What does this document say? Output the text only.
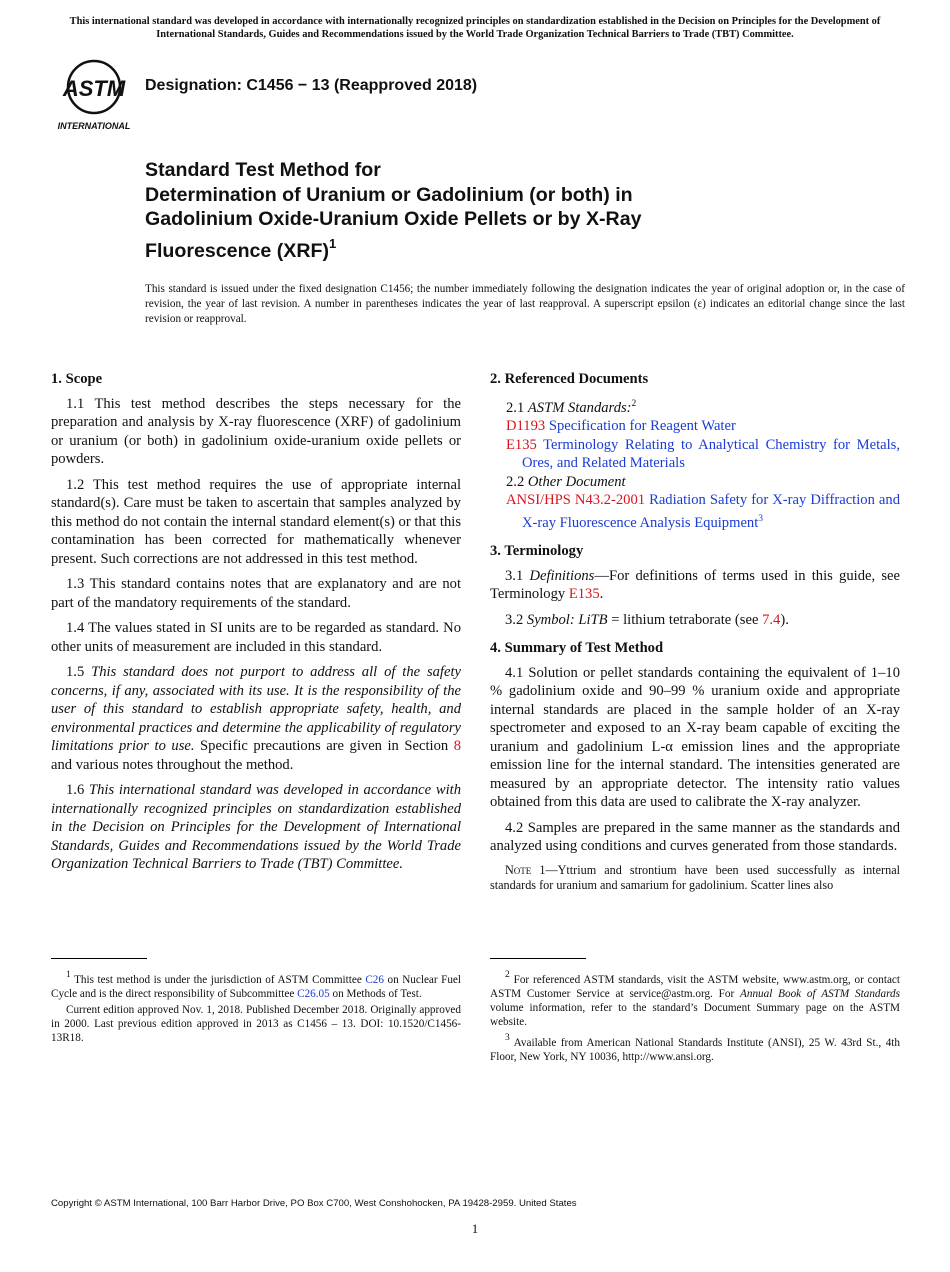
This international standard was developed in accordance with internationally recognized principles on standardization established in the Decision on Principles for the Development of International Standards, Guides and Recommendations issued by the World Trade Organization Technical Barriers to Trade (TBT) Committee.
ASTM
INTERNATIONAL
Designation: C1456 − 13 (Reapproved 2018)
Standard Test Method for
Determination of Uranium or Gadolinium (or both) in
Gadolinium Oxide-Uranium Oxide Pellets or by X-Ray
Fluorescence (XRF)$^1$
This standard is issued under the fixed designation C1456; the number immediately following the designation indicates the year of original adoption or, in the case of revision, the year of last revision. A number in parentheses indicates the year of last reapproval. A superscript epsilon (ε) indicates an editorial change since the last revision or reapproval.
1. Scope

1.1 This test method describes the steps necessary for the preparation and analysis by X-ray fluorescence (XRF) of gadolinium or uranium (or both) in gadolinium oxide-uranium oxide pellets or powders.

1.2 This test method requires the use of appropriate internal standard(s). Care must be taken to ascertain that samples analyzed by this method do not contain the internal standard element(s) or that this contamination has been corrected for mathematically whenever present. Such corrections are not addressed in this test method.

1.3 This standard contains notes that are explanatory and are not part of the mandatory requirements of the standard.

1.4 The values stated in SI units are to be regarded as standard. No other units of measurement are included in this standard.

1.5 This standard does not purport to address all of the safety concerns, if any, associated with its use. It is the responsibility of the user of this standard to establish appropriate safety, health, and environmental practices and determine the applicability of regulatory limitations prior to use. Specific precautions are given in Section 8 and various notes throughout the method.

1.6 This international standard was developed in accordance with internationally recognized principles on standardization established in the Decision on Principles for the Development of International Standards, Guides and Recommendations issued by the World Trade Organization Technical Barriers to Trade (TBT) Committee.

$^1$ This test method is under the jurisdiction of ASTM Committee C26 on Nuclear Fuel Cycle and is the direct responsibility of Subcommittee C26.05 on Methods of Test.

Current edition approved Nov. 1, 2018. Published December 2018. Originally approved in 2000. Last previous edition approved in 2013 as C1456 – 13. DOI: 10.1520/C1456-13R18.

2. Referenced Documents
2.1 ASTM Standards:$^2$
D1193 Specification for Reagent Water
E135 Terminology Relating to Analytical Chemistry for Metals, Ores, and Related Materials
2.2 Other Document
ANSI/HPS N43.2-2001 Radiation Safety for X-ray Diffraction and X-ray Fluorescence Analysis Equipment$^3$
3. Terminology

3.1 Definitions—For definitions of terms used in this guide, see Terminology E135.

3.2 Symbol: LiTB = lithium tetraborate (see 7.4).

4. Summary of Test Method

4.1 Solution or pellet standards containing the equivalent of 1–10 % gadolinium oxide and 90–99 % uranium oxide and appropriate internal standards are placed in the sample holder of an X-ray spectrometer and exposed to an X-ray beam capable of exciting the uranium and gadolinium L-α emission lines and the appropriate emission line for the internal standard. The intensities generated are measured by an appropriate detector. The intensity ratio values obtained from this data are used to calibrate the X-ray analyzer.

4.2 Samples are prepared in the same manner as the standards and analyzed using conditions and curves generated from those standards.

Note 1—Yttrium and strontium have been used successfully as internal standards for uranium and samarium for gadolinium. Scatter lines also

$^2$ For referenced ASTM standards, visit the ASTM website, www.astm.org, or contact ASTM Customer Service at service@astm.org. For Annual Book of ASTM Standards volume information, refer to the standard’s Document Summary page on the ASTM website.

$^3$ Available from American National Standards Institute (ANSI), 25 W. 43rd St., 4th Floor, New York, NY 10036, http://www.ansi.org.

Copyright © ASTM International, 100 Barr Harbor Drive, PO Box C700, West Conshohocken, PA 19428-2959. United States
1
